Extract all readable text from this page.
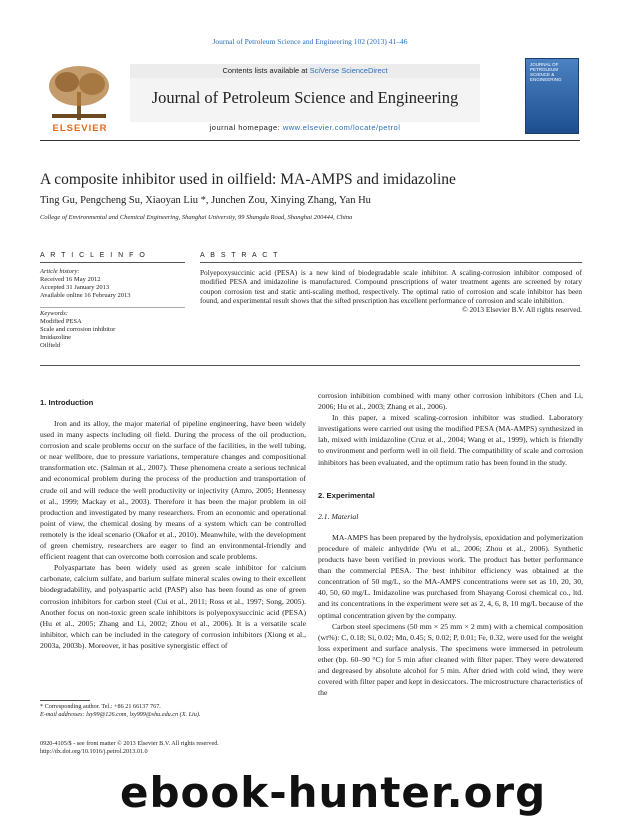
Journal of Petroleum Science and Engineering 102 (2013) 41–46
ELSEVIER
Contents lists available at SciVerse ScienceDirect
Journal of Petroleum Science and Engineering
journal homepage: www.elsevier.com/locate/petrol
JOURNAL OF PETROLEUM SCIENCE & ENGINEERING
A composite inhibitor used in oilfield: MA-AMPS and imidazoline
Ting Gu, Pengcheng Su, Xiaoyan Liu *, Junchen Zou, Xinying Zhang, Yan Hu
College of Environmental and Chemical Engineering, Shanghai University, 99 Shangda Road, Shanghai 200444, China
A R T I C L E I N F O
Article history:
Received 16 May 2012
Accepted 31 January 2013
Available online 16 February 2013
Keywords:
Modified PESA
Scale and corrosion inhibitor
Imidazoline
Oilfield
A B S T R A C T
Polyepoxysuccinic acid (PESA) is a new kind of biodegradable scale inhibitor. A scaling-corrosion inhibitor composed of modified PESA and imidazoline is manufactured. Compound prescriptions of water treatment agents are screened by rotary coupon corrosion test and static anti-scaling method, respectively. The optimal ratio of corrosion and scale inhibitor has been found, and experimental result shows that the sifted prescription has excellent performance of corrosion and scale inhibition.
© 2013 Elsevier B.V. All rights reserved.
1. Introduction

Iron and its alloy, the major material of pipeline engineering, have been widely used in many aspects including oil field. During the process of the oil production, corrosion and scale problems occur on the surface of the facilities, in the well tubing, or near wellbore, due to pressure variations, temperature changes and compositional transformation etc. (Salman et al., 2007). These phenomena create a serious technical and economical problem during the process of the production and transportation of crude oil and will reduce the well productivity or injectivity (Amro, 2005; Hennessy et al., 1999; Mackay et al., 2003). Therefore it has been the major problem in oil production and investigated by many researchers. From an economic and operational point of view, the chemical dosing by means of a system which can be controlled remotely is the ideal scenario (Okafor et al., 2010). Meanwhile, with the development of green chemistry, researchers are eager to find an environmental-friendly and efficient reagent that can overcome both corrosion and scale problems.

Polyaspartate has been widely used as green scale inhibitor for calcium carbonate, calcium sulfate, and barium sulfate mineral scales owing to their excellent biodegradability, and polyaspartic acid (PASP) also has been found as one of green corrosion inhibitors for carbon steel (Cui et al., 2011; Ross et al., 1997; Song, 2005). Another focus on non-toxic green scale inhibitors is polyepoxysuccinic acid (PESA) (Hu et al., 2005; Zhang and Li, 2002; Zhou et al., 2006). It is a versatile scale inhibitor, which can be included in the category of corrosion inhibitors (Xiong et al., 2003a, 2003b). Moreover, it has positive synergistic effect of

* Corresponding author. Tel.: +86 21 66137 767.
E-mail addresses: lxy99@126.com, lxy999@shu.edu.cn (X. Liu).
0920-4105/$ - see front matter © 2013 Elsevier B.V. All rights reserved.
http://dx.doi.org/10.1016/j.petrol.2013.01.0

corrosion inhibition combined with many other corrosion inhibitors (Chen and Li, 2006; Hu et al., 2003; Zhang et al., 2006).

In this paper, a mixed scaling-corrosion inhibitor was studied. Laboratory investigations were carried out using the modified PESA (MA-AMPS) synthesized in lab, mixed with imidazoline (Cruz et al., 2004; Wang et al., 1999), which is friendly to environment and perform well in oil field. The compatibility of scale and corrosion inhibitors has been evaluated, and the optimum ratio has been found in the study.

2. Experimental
2.1. Material

MA-AMPS has been prepared by the hydrolysis, epoxidation and polymerization procedure of maleic anhydride (Wu et al., 2006; Zhou et al., 2006). Synthetic products have been verified in previous work. The product has better performance than the commercial PESA. The best inhibitor efficiency was obtained at the concentration of 50 mg/L, so the MA-AMPS concentrations were set as 10, 20, 30, 40, 50, 60 mg/L. Imidazoline was purchased from Shayang Corosi chemical co., ltd. and its concentrations in the experiment were set as 2, 4, 6, 8, 10 mg/L because of the optimal concentration given by the company.

Carbon steel specimens (50 mm × 25 mm × 2 mm) with a chemical composition (wt%): C, 0.18; Si, 0.02; Mn, 0.45; S, 0.02; P, 0.01; Fe, 0.32, were used for the weight loss experiment and surface analysis. The specimens were immersed in petroleum ether (bp. 60–90 °C) for 5 min after cleaned with filter paper. They were dewatered and degreased by absolute alcohol for 5 min. After dried with cold wind, they were covered with filter paper and kept in desiccators. The microstructure characteristics of the

ebook-hunter.org
